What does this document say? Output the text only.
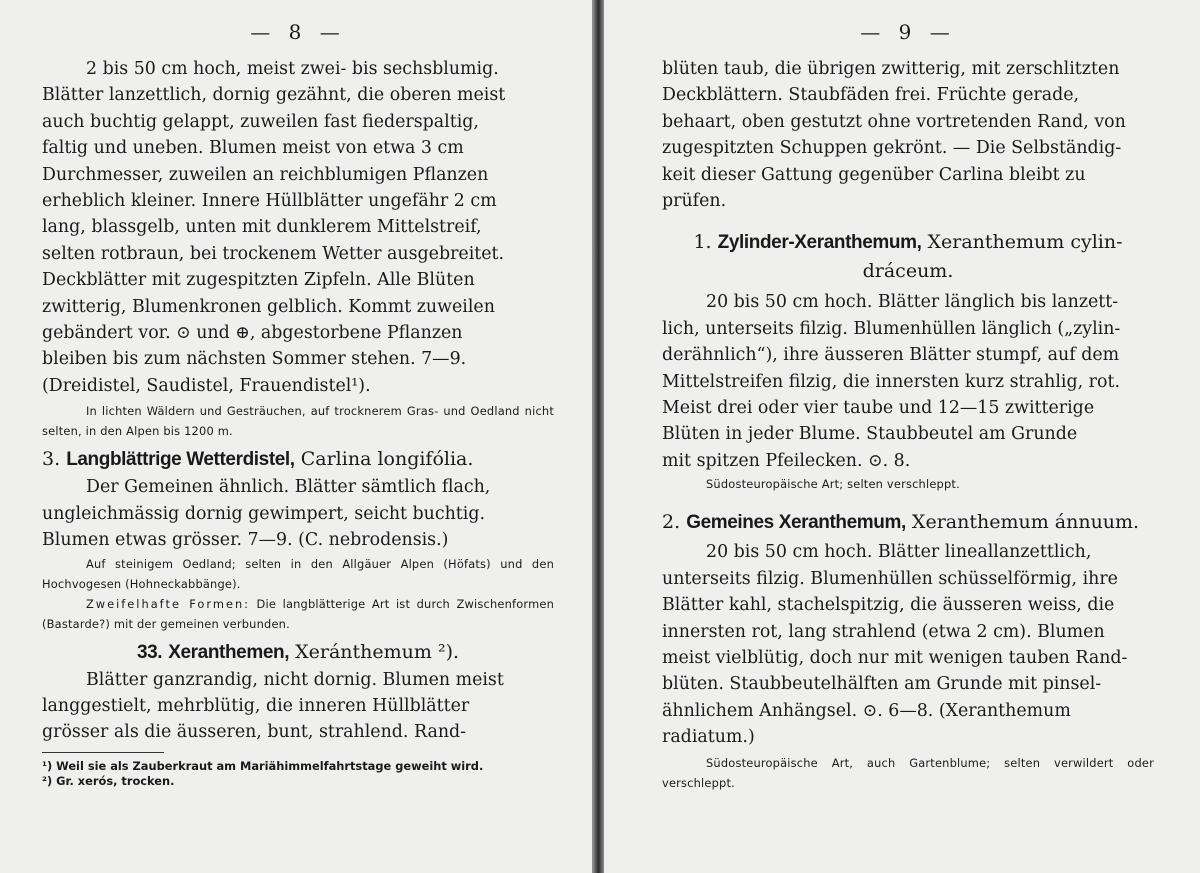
— 8 —
2 bis 50 cm hoch, meist zwei- bis sechsblumig.
Blätter lanzettlich, dornig gezähnt, die oberen meist
auch buchtig gelappt, zuweilen fast fiederspaltig,
faltig und uneben. Blumen meist von etwa 3 cm
Durchmesser, zuweilen an reichblumigen Pflanzen
erheblich kleiner. Innere Hüllblätter ungefähr 2 cm
lang, blassgelb, unten mit dunklerem Mittelstreif,
selten rotbraun, bei trockenem Wetter ausgebreitet.
Deckblätter mit zugespitzten Zipfeln. Alle Blüten
zwitterig, Blumenkronen gelblich. Kommt zuweilen
gebändert vor. ⊙ und ⊕, abgestorbene Pflanzen
bleiben bis zum nächsten Sommer stehen. 7—9.
(Dreidistel, Saudistel, Frauendistel¹).

In lichten Wäldern und Gesträuchen, auf trocknerem Gras- und Oedland nicht selten, in den Alpen bis 1200 m.

3. Langblättrige Wetterdistel, Carlina longifólia.
Der Gemeinen ähnlich. Blätter sämtlich flach,
ungleichmässig dornig gewimpert, seicht buchtig.
Blumen etwas grösser. 7—9. (C. nebrodensis.)

Auf steinigem Oedland; selten in den Allgäuer Alpen (Höfats) und den Hochvogesen (Hohneckabbänge).

Zweifelhafte Formen: Die langblätterige Art ist durch Zwischenformen (Bastarde?) mit der gemeinen verbunden.

33. Xeranthemen, Xeránthemum ²).
Blätter ganzrandig, nicht dornig. Blumen meist
langgestielt, mehrblütig, die inneren Hüllblätter
grösser als die äusseren, bunt, strahlend. Rand-
¹) Weil sie als Zauberkraut am Mariähimmelfahrtstage geweiht wird.
²) Gr. xerós, trocken.
— 9 —
blüten taub, die übrigen zwitterig, mit zerschlitzten
Deckblättern. Staubfäden frei. Früchte gerade,
behaart, oben gestutzt ohne vortretenden Rand, von
zugespitzten Schuppen gekrönt. — Die Selbständig-
keit dieser Gattung gegenüber Carlina bleibt zu
prüfen.
1. Zylinder-Xeranthemum, Xeranthemum cylin-
dráceum.
20 bis 50 cm hoch. Blätter länglich bis lanzett-
lich, unterseits filzig. Blumenhüllen länglich („zylin-
derähnlich“), ihre äusseren Blätter stumpf, auf dem
Mittelstreifen filzig, die innersten kurz strahlig, rot.
Meist drei oder vier taube und 12—15 zwitterige
Blüten in jeder Blume. Staubbeutel am Grunde
mit spitzen Pfeilecken. ⊙. 8.

Südosteuropäische Art; selten verschleppt.

2. Gemeines Xeranthemum, Xeranthemum ánnuum.
20 bis 50 cm hoch. Blätter lineallanzettlich,
unterseits filzig. Blumenhüllen schüsselförmig, ihre
Blätter kahl, stachelspitzig, die äusseren weiss, die
innersten rot, lang strahlend (etwa 2 cm). Blumen
meist vielblütig, doch nur mit wenigen tauben Rand-
blüten. Staubbeutelhälften am Grunde mit pinsel-
ähnlichem Anhängsel. ⊙. 6—8. (Xeranthemum
radiatum.)

Südosteuropäische Art, auch Gartenblume; selten verwildert oder verschleppt.
